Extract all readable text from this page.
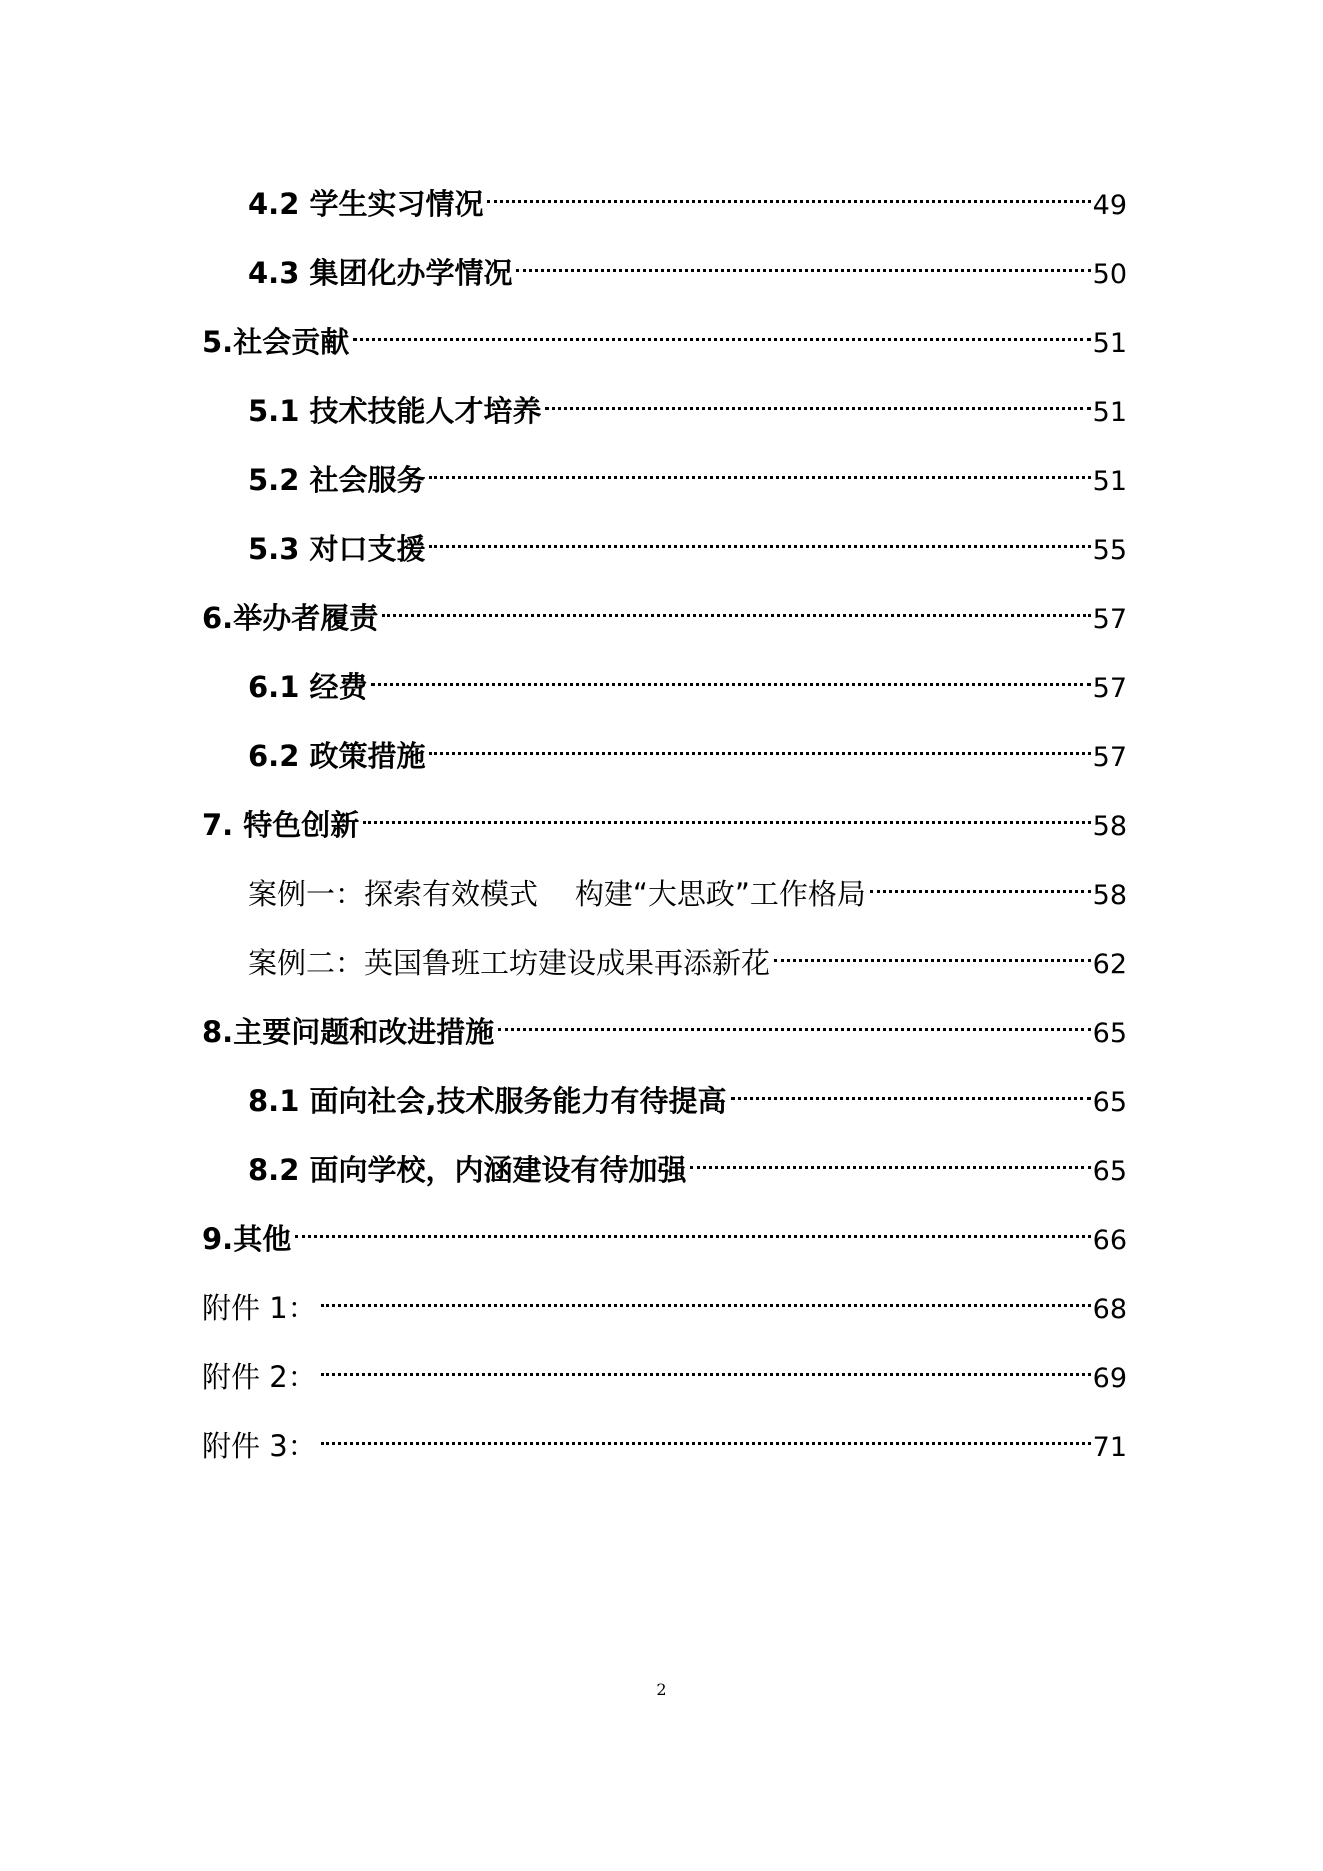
4.2 学生实习情况	49
4.3 集团化办学情况	50
5.社会贡献	51
5.1 技术技能人才培养	51
5.2 社会服务	51
5.3 对口支援	55
6.举办者履责	57
6.1 经费	57
6.2 政策措施	57
7. 特色创新	58
案例一：探索有效模式    构建“大思政”工作格局	58
案例二：英国鲁班工坊建设成果再添新花	62
8.主要问题和改进措施	65
8.1 面向社会,技术服务能力有待提高	65
8.2 面向学校，内涵建设有待加强	65
9.其他	66
附件 1：	68
附件 2：	69
附件 3：	71
2
